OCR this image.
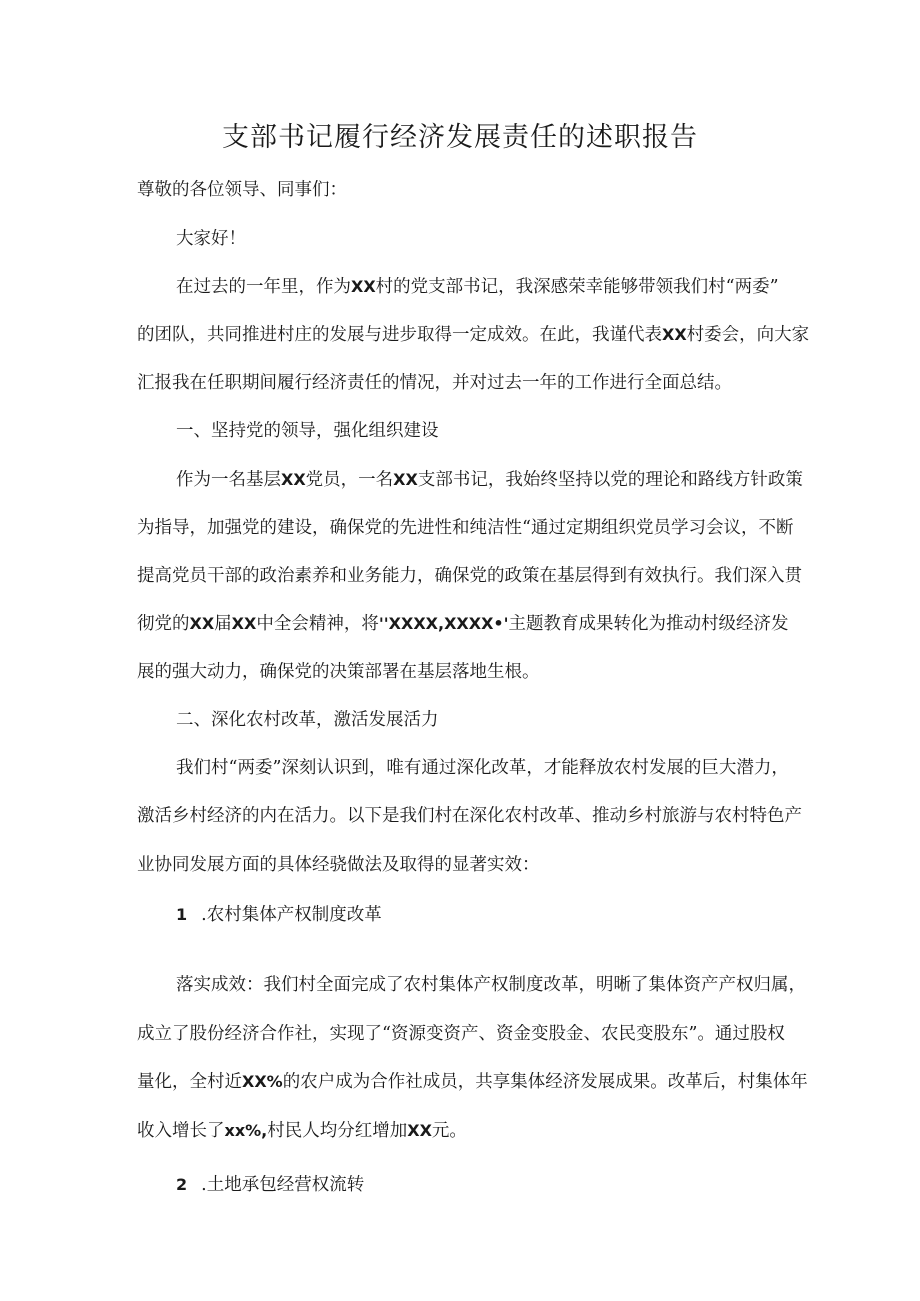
支部书记履行经济发展责任的述职报告
尊敬的各位领导、同事们：
大家好！
在过去的一年里，作为XX村的党支部书记，我深感荣幸能够带领我们村“两委”
的团队，共同推进村庄的发展与进步取得一定成效。在此，我谨代表XX村委会，向大家
汇报我在任职期间履行经济责任的情况，并对过去一年的工作进行全面总结。
一、坚持党的领导，强化组织建设
作为一名基层XX党员，一名XX支部书记，我始终坚持以党的理论和路线方针政策
为指导，加强党的建设，确保党的先进性和纯洁性“通过定期组织党员学习会议，不断
提高党员干部的政治素养和业务能力，确保党的政策在基层得到有效执行。我们深入贯
彻党的XX届XX中全会精神，将''XXXX,XXXX•'主题教育成果转化为推动村级经济发
展的强大动力，确保党的决策部署在基层落地生根。
二、深化农村改革，激活发展活力
我们村“两委”深刻认识到，唯有通过深化改革，才能释放农村发展的巨大潜力，
激活乡村经济的内在活力。以下是我们村在深化农村改革、推动乡村旅游与农村特色产
业协同发展方面的具体经骁做法及取得的显著实效：
1 .农村集体产权制度改革
落实成效：我们村全面完成了农村集体产权制度改革，明晰了集体资产产权归属，
成立了股份经济合作社，实现了“资源变资产、资金变股金、农民变股东”。通过股权
量化，全村近XX%的农户成为合作社成员，共享集体经济发展成果。改革后，村集体年
收入增长了xx%,村民人均分红增加XX元。
2 .土地承包经营权流转
